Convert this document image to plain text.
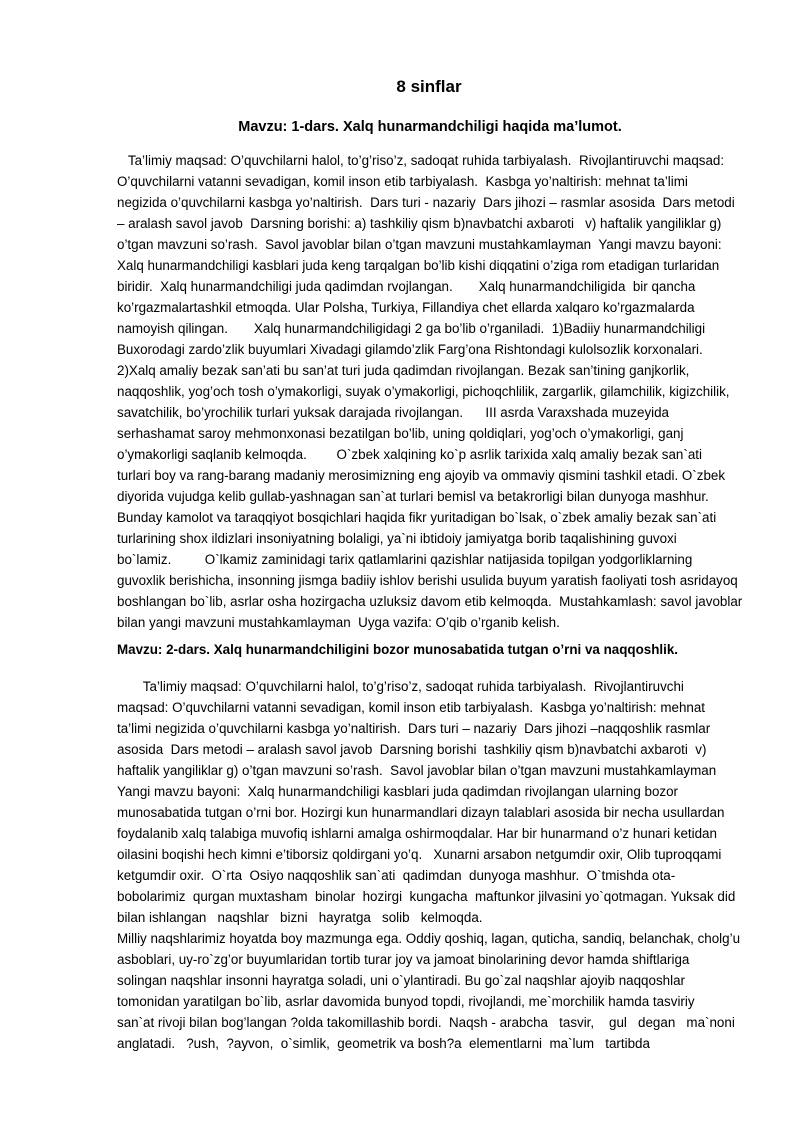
8 sinflar
Mavzu: 1-dars. Xalq hunarmandchiligi haqida ma’lumot.
Ta’limiy maqsad: O’quvchilarni halol, to’g’riso’z, sadoqat ruhida tarbiyalash.  Rivojlantiruvchi maqsad:
O’quvchilarni vatanni sevadigan, komil inson etib tarbiyalash.  Kasbga yo’naltirish: mehnat ta’limi
negizida o’quvchilarni kasbga yo’naltirish.  Dars turi - nazariy  Dars jihozi – rasmlar asosida  Dars metodi
– aralash savol javob  Darsning borishi: a) tashkiliy qism b)navbatchi axbaroti   v) haftalik yangiliklar g)
o’tgan mavzuni so’rash.  Savol javoblar bilan o’tgan mavzuni mustahkamlayman  Yangi mavzu bayoni:
Xalq hunarmandchiligi kasblari juda keng tarqalgan bo’lib kishi diqqatini o’ziga rom etadigan turlaridan
biridir.  Xalq hunarmandchiligi juda qadimdan rvojlangan.       Xalq hunarmandchiligida  bir qancha
ko’rgazmalartashkil etmoqda. Ular Polsha, Turkiya, Fillandiya chet ellarda xalqaro ko’rgazmalarda
namoyish qilingan.       Xalq hunarmandchiligidagi 2 ga bo’lib o’rganiladi.  1)Badiiy hunarmandchiligi
Buxorodagi zardo’zlik buyumlari Xivadagi gilamdo’zlik Farg’ona Rishtondagi kulolsozlik korxonalari.
2)Xalq amaliy bezak san’ati bu san’at turi juda qadimdan rivojlangan. Bezak san’tining ganjkorlik,
naqqoshlik, yog’och tosh o’ymakorligi, suyak o’ymakorligi, pichoqchlilik, zargarlik, gilamchilik, kigizchilik,
savatchilik, bo’yrochilik turlari yuksak darajada rivojlangan.      III asrda Varaxshada muzeyida
serhashamat saroy mehmonxonasi bezatilgan bo’lib, uning qoldiqlari, yog’och o’ymakorligi, ganj
o’ymakorligi saqlanib kelmoqda.        O`zbek xalqining ko`p asrlik tarixida xalq amaliy bezak san`ati
turlari boy va rang-barang madaniy merosimizning eng ajoyib va ommaviy qismini tashkil etadi. O`zbek
diyorida vujudga kelib gullab-yashnagan san`at turlari bemisl va betakrorligi bilan dunyoga mashhur.
Bunday kamolot va taraqqiyot bosqichlari haqida fikr yuritadigan bo`lsak, o`zbek amaliy bezak san`ati
turlarining shox ildizlari insoniyatning bolaligi, ya`ni ibtidoiy jamiyatga borib taqalishining guvoxi
bo`lamiz.         O`lkamiz zaminidagi tarix qatlamlarini qazishlar natijasida topilgan yodgorliklarning
guvoxlik berishicha, insonning jismga badiiy ishlov berishi usulida buyum yaratish faoliyati tosh asridayoq
boshlangan bo`lib, asrlar osha hozirgacha uzluksiz davom etib kelmoqda.  Mustahkamlash: savol javoblar
bilan yangi mavzuni mustahkamlayman  Uyga vazifa: O’qib o’rganib kelish.
Mavzu: 2-dars. Xalq hunarmandchiligini bozor munosabatida tutgan o’rni va naqqoshlik.
Ta’limiy maqsad: O’quvchilarni halol, to’g’riso’z, sadoqat ruhida tarbiyalash.  Rivojlantiruvchi
maqsad: O’quvchilarni vatanni sevadigan, komil inson etib tarbiyalash.  Kasbga yo’naltirish: mehnat
ta’limi negizida o’quvchilarni kasbga yo’naltirish.  Dars turi – nazariy  Dars jihozi –naqqoshlik rasmlar
asosida  Dars metodi – aralash savol javob  Darsning borishi  tashkiliy qism b)navbatchi axbaroti  v)
haftalik yangiliklar g) o’tgan mavzuni so’rash.  Savol javoblar bilan o’tgan mavzuni mustahkamlayman
Yangi mavzu bayoni:  Xalq hunarmandchiligi kasblari juda qadimdan rivojlangan ularning bozor
munosabatida tutgan o’rni bor. Hozirgi kun hunarmandlari dizayn talablari asosida bir necha usullardan
foydalanib xalq talabiga muvofiq ishlarni amalga oshirmoqdalar. Har bir hunarmand o’z hunari ketidan
oilasini boqishi hech kimni e’tiborsiz qoldirgani yo’q.   Xunarni arsabon netgumdir oxir, Olib tuproqqami
ketgumdir oxir.  O`rta  Osiyo naqqoshlik san`ati  qadimdan  dunyoga mashhur.  O`tmishda ota-
bobolarimiz  qurgan muxtasham  binolar  hozirgi  kungacha  maftunkor jilvasini yo`qotmagan. Yuksak did
bilan ishlangan   naqshlar   bizni   hayratga   solib   kelmoqda.
Milliy naqshlarimiz hoyatda boy mazmunga ega. Oddiy qoshiq, lagan, quticha, sandiq, belanchak, cholg’u
asboblari, uy-ro`zg’or buyumlaridan tortib turar joy va jamoat binolarining devor hamda shiftlariga
solingan naqshlar insonni hayratga soladi, uni o`ylantiradi. Bu go`zal naqshlar ajoyib naqqoshlar
tomonidan yaratilgan bo`lib, asrlar davomida bunyod topdi, rivojlandi, me`morchilik hamda tasviriy
san`at rivoji bilan bog’langan ?olda takomillashib bordi.  Naqsh - arabcha   tasvir,    gul   degan   ma`noni
anglatadi.   ?ush,  ?ayvon,  o`simlik,  geometrik va bosh?a  elementlarni  ma`lum   tartibda
